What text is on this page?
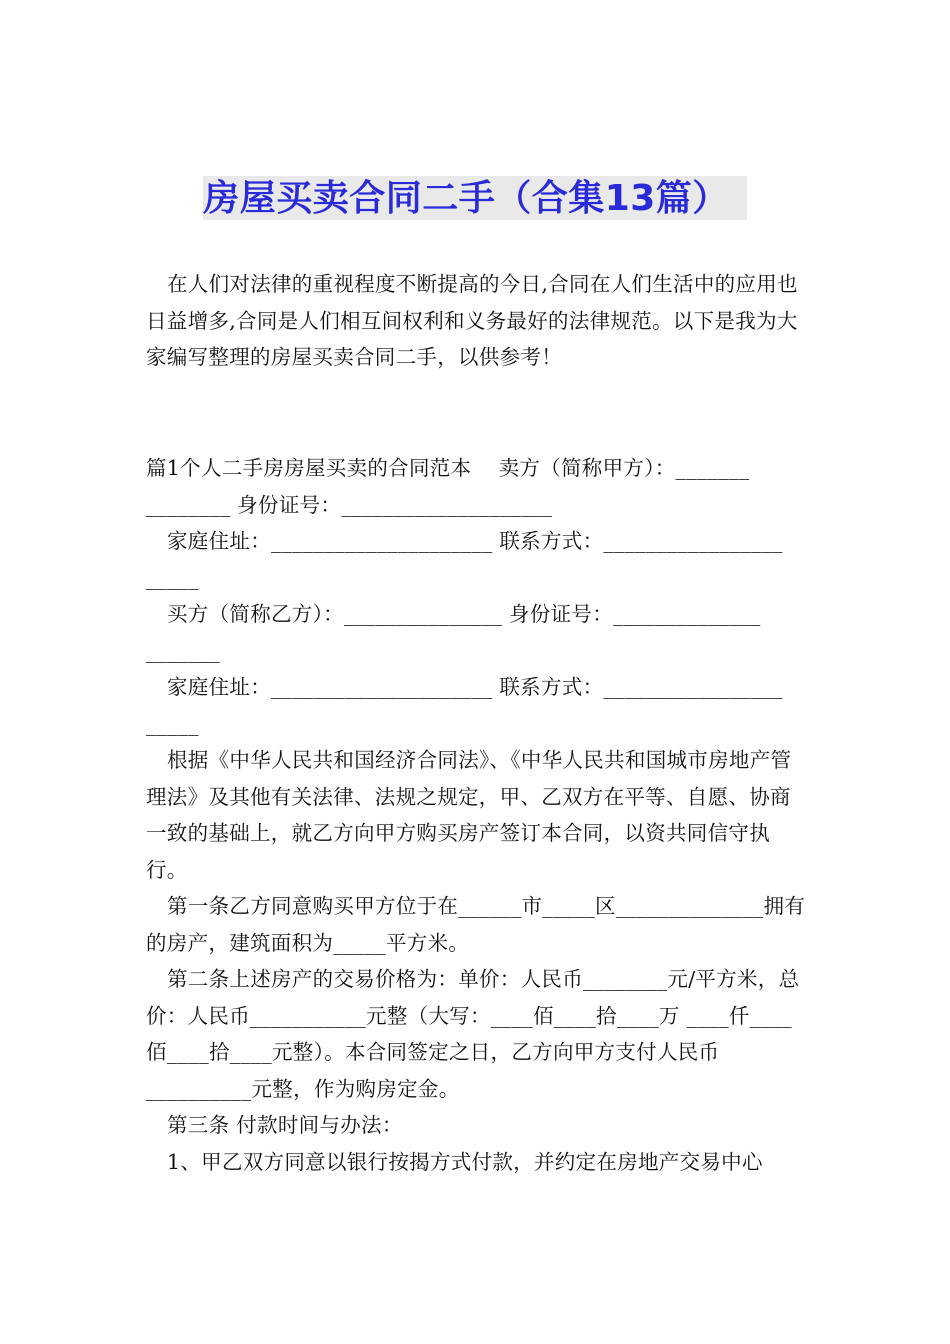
房屋买卖合同二手（合集13篇）

在人们对法律的重视程度不断提高的今日,合同在人们生活中的应用也日益增多,合同是人们相互间权利和义务最好的法律规范。以下是我为大家编写整理的房屋买卖合同二手，以供参考！

篇1个人二手房房屋买卖的合同范本    卖方（简称甲方）：_______ ________ 身份证号：____________________

家庭住址：_____________________ 联系方式：_________________ _____

买方（简称乙方）：_______________ 身份证号：______________ _______

家庭住址：_____________________ 联系方式：_________________ _____

根据《中华人民共和国经济合同法》、《中华人民共和国城市房地产管理法》及其他有关法律、法规之规定，甲、乙双方在平等、自愿、协商一致的基础上，就乙方向甲方购买房产签订本合同，以资共同信守执行。

第一条乙方同意购买甲方位于在______市_____区______________拥有的房产，建筑面积为_____平方米。

第二条上述房产的交易价格为：单价：人民币________元/平方米，总价：人民币___________元整（大写：____佰____拾____万 ____仟____佰____拾____元整）。本合同签定之日，乙方向甲方支付人民币 __________元整，作为购房定金。

第三条 付款时间与办法：

1、甲乙双方同意以银行按揭方式付款，并约定在房地产交易中心
